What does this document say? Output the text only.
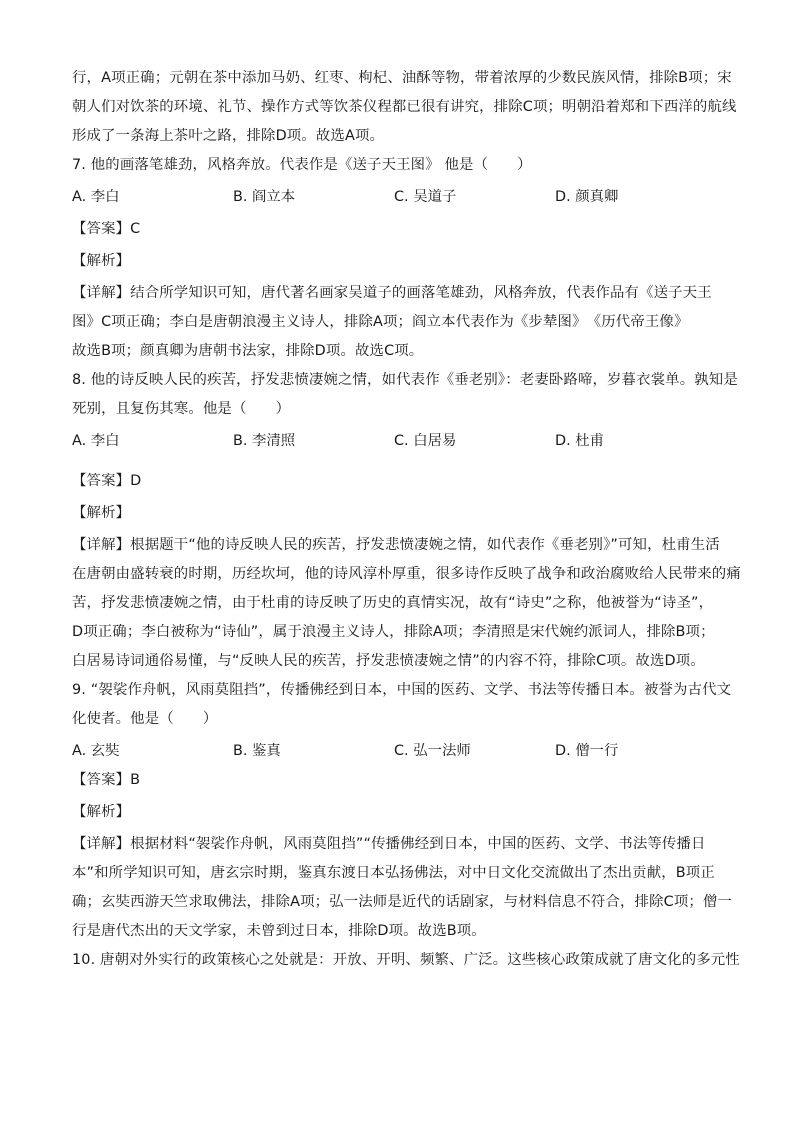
行，A项正确；元朝在茶中添加马奶、红枣、枸杞、油酥等物，带着浓厚的少数民族风情，排除B项；宋
朝人们对饮茶的环境、礼节、操作方式等饮茶仪程都已很有讲究，排除C项；明朝沿着郑和下西洋的航线
形成了一条海上茶叶之路，排除D项。故选A项。
7. 他的画落笔雄劲，风格奔放。代表作是《送子天王图》 他是（　　）
A. 李白	B. 阎立本	C. 吴道子	D. 颜真卿
【答案】C
【解析】
【详解】结合所学知识可知，唐代著名画家吴道子的画落笔雄劲，风格奔放，代表作品有《送子天王
图》C项正确；李白是唐朝浪漫主义诗人，排除A项；阎立本代表作为《步辇图》　《历代帝王像》
故选B项；颜真卿为唐朝书法家，排除D项。故选C项。
8. 他的诗反映人民的疾苦，抒发悲愤凄婉之情，如代表作《垂老别》：老妻卧路啼，岁暮衣裳单。孰知是
死别，且复伤其寒。他是（　　）
A. 李白	B. 李清照	C. 白居易	D. 杜甫
【答案】D
【解析】
【详解】根据题干“他的诗反映人民的疾苦，抒发悲愤凄婉之情，如代表作《垂老别》”可知，杜甫生活
在唐朝由盛转衰的时期，历经坎坷，他的诗风淳朴厚重，很多诗作反映了战争和政治腐败给人民带来的痛
苦，抒发悲愤凄婉之情，由于杜甫的诗反映了历史的真情实况，故有“诗史”之称，他被誉为“诗圣”，
D项正确；李白被称为“诗仙”，属于浪漫主义诗人，排除A项；李清照是宋代婉约派词人，排除B项；
白居易诗词通俗易懂，与“反映人民的疾苦，抒发悲愤凄婉之情”的内容不符，排除C项。故选D项。
9. “袈裟作舟帆，风雨莫阻挡”，传播佛经到日本，中国的医药、文学、书法等传播日本。被誉为古代文
化使者。他是（　　）
A. 玄奘	B. 鉴真	C. 弘一法师	D. 僧一行
【答案】B
【解析】
【详解】根据材料“袈裟作舟帆，风雨莫阻挡”“传播佛经到日本，中国的医药、文学、书法等传播日
本”和所学知识可知，唐玄宗时期，鉴真东渡日本弘扬佛法，对中日文化交流做出了杰出贡献，B项正
确；玄奘西游天竺求取佛法，排除A项；弘一法师是近代的话剧家，与材料信息不符合，排除C项；僧一
行是唐代杰出的天文学家，未曾到过日本，排除D项。故选B项。
10. 唐朝对外实行的政策核心之处就是：开放、开明、频繁、广泛。这些核心政策成就了唐文化的多元性
